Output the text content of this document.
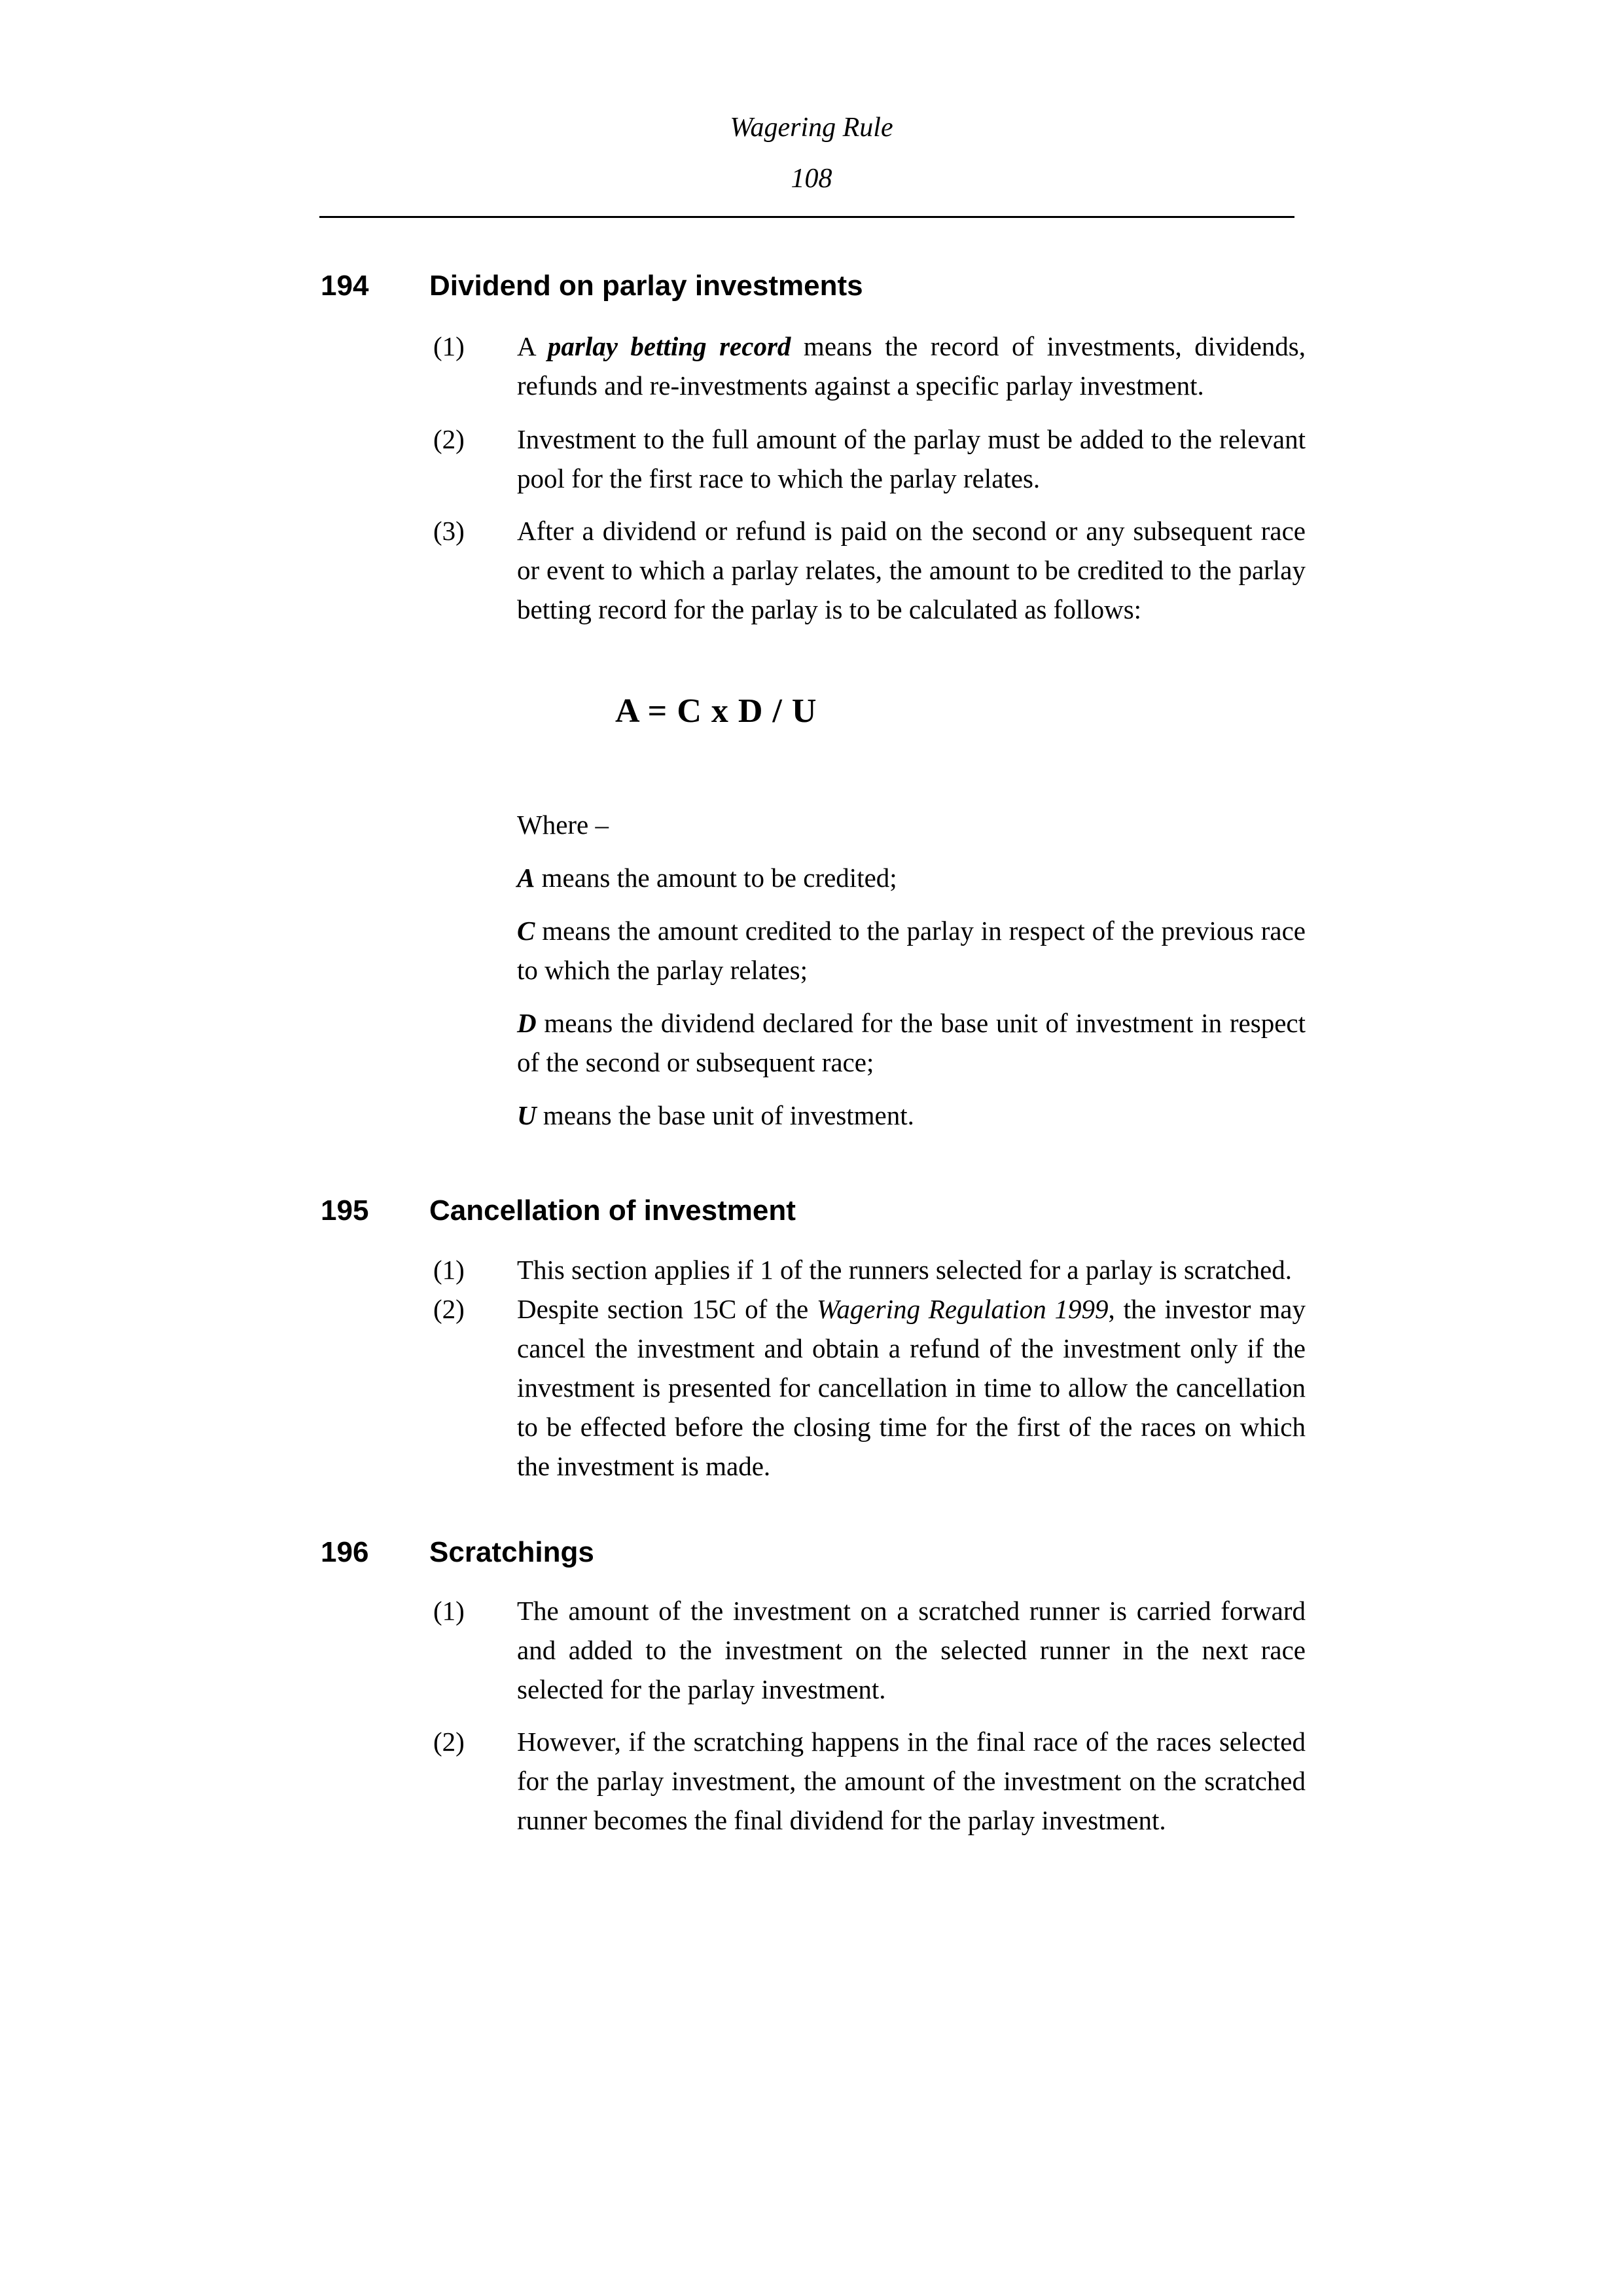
Wagering Rule
108
194	Dividend on parlay investments
(1)	A parlay betting record means the record of investments, dividends, refunds and re-investments against a specific parlay investment.
(2)	Investment to the full amount of the parlay must be added to the relevant pool for the first race to which the parlay relates.
(3)	After a dividend or refund is paid on the second or any subsequent race or event to which a parlay relates, the amount to be credited to the parlay betting record for the parlay is to be calculated as follows:
A = C x D / U
Where –
A means the amount to be credited;
C means the amount credited to the parlay in respect of the previous race to which the parlay relates;
D means the dividend declared for the base unit of investment in respect of the second or subsequent race;
U means the base unit of investment.
195	Cancellation of investment
(1)	This section applies if 1 of the runners selected for a parlay is scratched.
(2)	Despite section 15C of the Wagering Regulation 1999, the investor may cancel the investment and obtain a refund of the investment only if the investment is presented for cancellation in time to allow the cancellation to be effected before the closing time for the first of the races on which the investment is made.
196	Scratchings
(1)	The amount of the investment on a scratched runner is carried forward and added to the investment on the selected runner in the next race selected for the parlay investment.
(2)	However, if the scratching happens in the final race of the races selected for the parlay investment, the amount of the investment on the scratched runner becomes the final dividend for the parlay investment.
